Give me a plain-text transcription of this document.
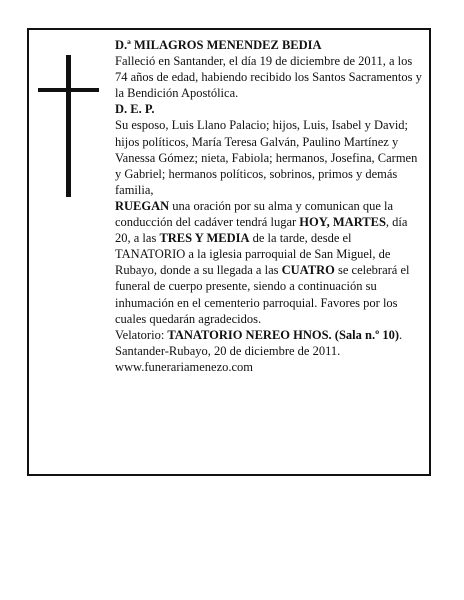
D.ª MILAGROS MENENDEZ BEDIA

Falleció en Santander, el día 19 de diciembre de 2011, a los 74 años de edad, habiendo recibido los Santos Sacramentos y la Bendición Apostólica.

D. E. P.

Su esposo, Luis Llano Palacio; hijos, Luis, Isabel y David; hijos políticos, María Teresa Galván, Paulino Martínez y Vanessa Gómez; nieta, Fabiola; hermanos, Josefina, Carmen y Gabriel; hermanos políticos, sobrinos, primos y demás familia,

RUEGAN una oración por su alma y comunican que la conducción del cadáver tendrá lugar HOY, MARTES, día 20, a las TRES Y MEDIA de la tarde, desde el TANATORIO a la iglesia parroquial de San Miguel, de Rubayo, donde a su llegada a las CUATRO se celebrará el funeral de cuerpo presente, siendo a continuación su inhumación en el cementerio parroquial. Favores por los cuales quedarán agradecidos.

Velatorio: TANATORIO NEREO HNOS. (Sala n.º 10).

Santander-Rubayo, 20 de diciembre de 2011.

www.funerariamenezo.com
